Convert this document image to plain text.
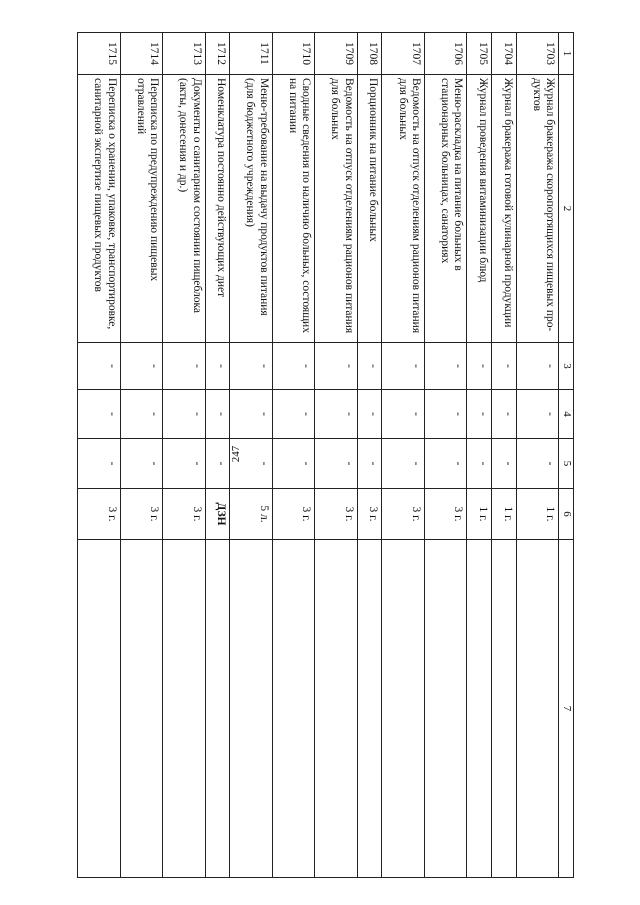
247
1	2	3	4	5	6	7
1703	Журнал бракеража скоропортящихся пищевых про-дуктов	-	-	-	1 г.	
1704	Журнал бракеража готовой кулинарной продукции	-	-	-	1 г.	
1705	Журнал проведения витаминизации блюд	-	-	-	1 г.	
1706	Меню-раскладка на питание больных в стационарных больницах, санаториях	-	-	-	3 г.	
1707	Ведомость на отпуск отделениям рационов питания для больных	-	-	-	3 г.	
1708	Порционник на питание больных	-	-	-	3 г.	
1709	Ведомость на отпуск отделениям рационов питания для больных	-	-	-	3 г.	
1710	Сводные сведения по наличию больных, состоящих на питании	-	-	-	3 г.	
1711	Меню-требование на выдачу продуктов питания (для бюджетного учреждения)	-	-	-	5 л.	
1712	Номенклатура постоянно действующих диет	-	-	-	ДЗН	
1713	Документы о санитарном состоянии пищеблока (акты, донесения и др.)	-	-	-	3 г.	
1714	Переписка по предупреждению пищевых отравлений	-	-	-	3 г.	
1715	Переписка о хранении, упаковке, транспортировке, санитарной экспертизе пищевых продуктов	-	-	-	3 г.	
